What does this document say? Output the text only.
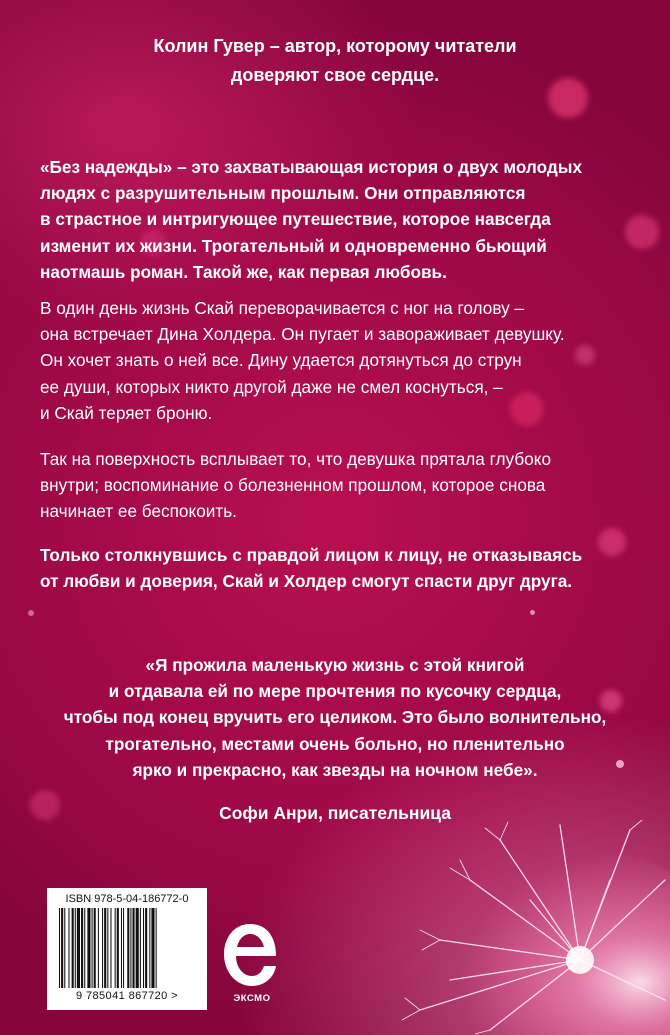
Колин Гувер – автор, которому читатели
доверяют свое сердце.
«Без надежды» – это захватывающая история о двух молодых
людях с разрушительным прошлым. Они отправляются
в страстное и интригующее путешествие, которое навсегда
изменит их жизни. Трогательный и одновременно бьющий
наотмашь роман. Такой же, как первая любовь.
В один день жизнь Скай переворачивается с ног на голову –
она встречает Дина Холдера. Он пугает и завораживает девушку.
Он хочет знать о ней все. Дину удается дотянуться до струн
ее души, которых никто другой даже не смел коснуться, –
и Скай теряет броню.
Так на поверхность всплывает то, что девушка прятала глубоко
внутри; воспоминание о болезненном прошлом, которое снова
начинает ее беспокоить.
Только столкнувшись с правдой лицом к лицу, не отказываясь
от любви и доверия, Скай и Холдер смогут спасти друг друга.
«Я прожила маленькую жизнь с этой книгой
и отдавала ей по мере прочтения по кусочку сердца,
чтобы под конец вручить его целиком. Это было волнительно,
трогательно, местами очень больно, но пленительно
ярко и прекрасно, как звезды на ночном небе».
Софи Анри, писательница
ISBN 978-5-04-186772-0
9 785041 867720 >	ЭКСМО
